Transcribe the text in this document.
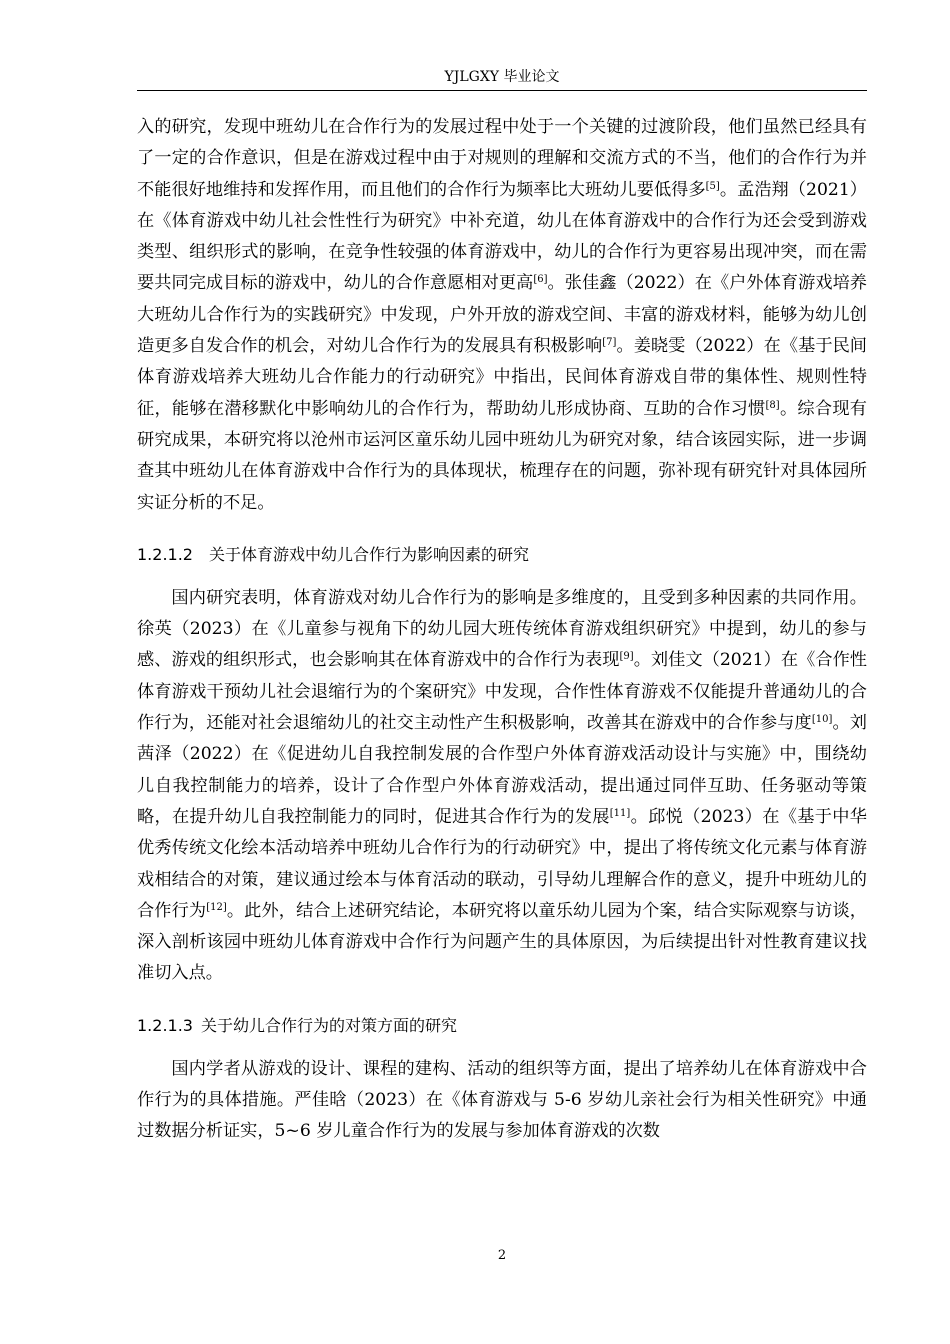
YJLGXY 毕业论文

入的研究，发现中班幼儿在合作行为的发展过程中处于一个关键的过渡阶段，他们虽然已经具有了一定的合作意识，但是在游戏过程中由于对规则的理解和交流方式的不当，他们的合作行为并不能很好地维持和发挥作用，而且他们的合作行为频率比大班幼儿要低得多[5]。孟浩翔（2021）在《体育游戏中幼儿社会性性行为研究》中补充道，幼儿在体育游戏中的合作行为还会受到游戏类型、组织形式的影响，在竞争性较强的体育游戏中，幼儿的合作行为更容易出现冲突，而在需要共同完成目标的游戏中，幼儿的合作意愿相对更高[6]。张佳鑫（2022）在《户外体育游戏培养大班幼儿合作行为的实践研究》中发现，户外开放的游戏空间、丰富的游戏材料，能够为幼儿创造更多自发合作的机会，对幼儿合作行为的发展具有积极影响[7]。姜晓雯（2022）在《基于民间体育游戏培养大班幼儿合作能力的行动研究》中指出，民间体育游戏自带的集体性、规则性特征，能够在潜移默化中影响幼儿的合作行为，帮助幼儿形成协商、互助的合作习惯[8]。综合现有研究成果，本研究将以沧州市运河区童乐幼儿园中班幼儿为研究对象，结合该园实际，进一步调查其中班幼儿在体育游戏中合作行为的具体现状，梳理存在的问题，弥补现有研究针对具体园所实证分析的不足。

1.2.1.2 关于体育游戏中幼儿合作行为影响因素的研究

国内研究表明，体育游戏对幼儿合作行为的影响是多维度的，且受到多种因素的共同作用。徐英（2023）在《儿童参与视角下的幼儿园大班传统体育游戏组织研究》中提到，幼儿的参与感、游戏的组织形式，也会影响其在体育游戏中的合作行为表现[9]。刘佳文（2021）在《合作性体育游戏干预幼儿社会退缩行为的个案研究》中发现，合作性体育游戏不仅能提升普通幼儿的合作行为，还能对社会退缩幼儿的社交主动性产生积极影响，改善其在游戏中的合作参与度[10]。刘茜泽（2022）在《促进幼儿自我控制发展的合作型户外体育游戏活动设计与实施》中，围绕幼儿自我控制能力的培养，设计了合作型户外体育游戏活动，提出通过同伴互助、任务驱动等策略，在提升幼儿自我控制能力的同时，促进其合作行为的发展[11]。邱悦（2023）在《基于中华优秀传统文化绘本活动培养中班幼儿合作行为的行动研究》中，提出了将传统文化元素与体育游戏相结合的对策，建议通过绘本与体育活动的联动，引导幼儿理解合作的意义，提升中班幼儿的合作行为[12]。此外，结合上述研究结论，本研究将以童乐幼儿园为个案，结合实际观察与访谈，深入剖析该园中班幼儿体育游戏中合作行为问题产生的具体原因，为后续提出针对性教育建议找准切入点。

1.2.1.3 关于幼儿合作行为的对策方面的研究

国内学者从游戏的设计、课程的建构、活动的组织等方面，提出了培养幼儿在体育游戏中合作行为的具体措施。严佳晗（2023）在《体育游戏与 5-6 岁幼儿亲社会行为相关性研究》中通过数据分析证实，5~6 岁儿童合作行为的发展与参加体育游戏的次数

2
